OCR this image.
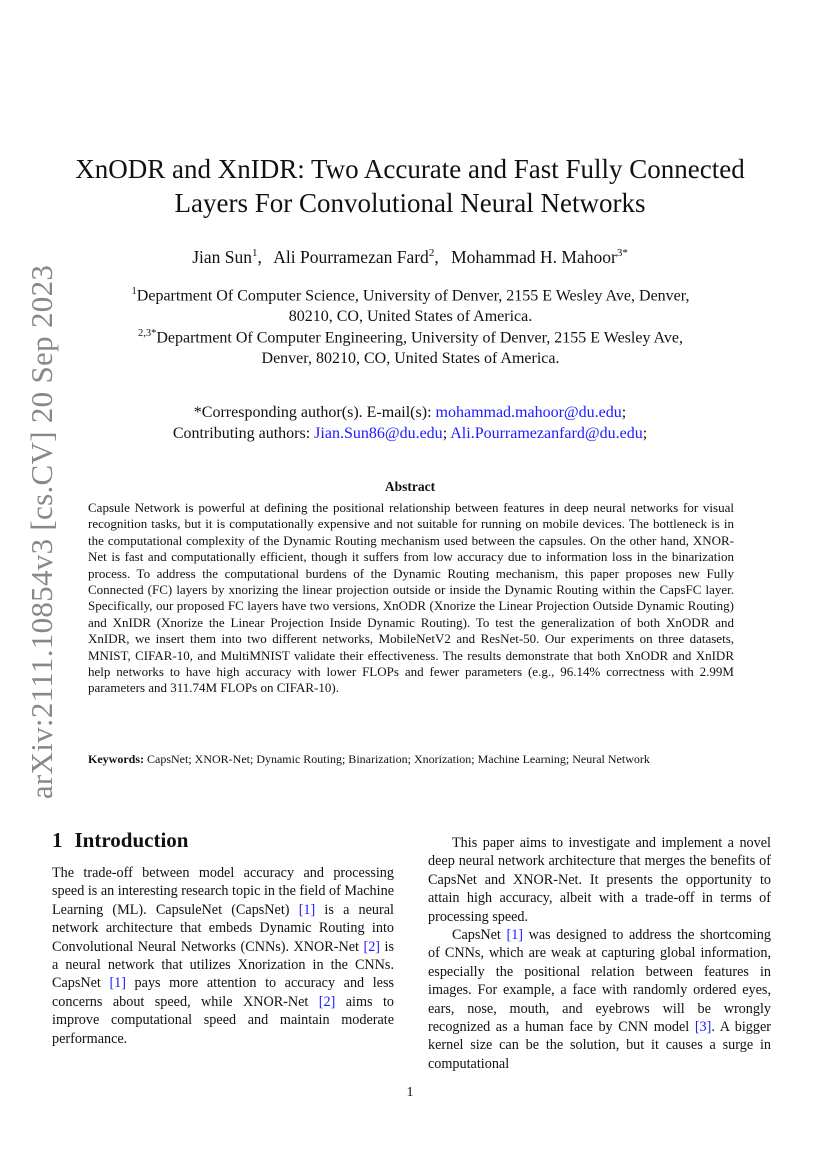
arXiv:2111.10854v3 [cs.CV] 20 Sep 2023
XnODR and XnIDR: Two Accurate and Fast Fully Connected
Layers For Convolutional Neural Networks
Jian Sun$^1$, Ali Pourramezan Fard$^2$, Mohammad H. Mahoor$^{3*}$
$^1$Department Of Computer Science, University of Denver, 2155 E Wesley Ave, Denver,
80210, CO, United States of America.
$^{2,3*}$Department Of Computer Engineering, University of Denver, 2155 E Wesley Ave,
Denver, 80210, CO, United States of America.
*Corresponding author(s). E-mail(s): mohammad.mahoor@du.edu;
Contributing authors: Jian.Sun86@du.edu; Ali.Pourramezanfard@du.edu;
Abstract
Capsule Network is powerful at defining the positional relationship between features in deep neural networks for visual recognition tasks, but it is computationally expensive and not suitable for running on mobile devices. The bottleneck is in the computational complexity of the Dynamic Routing mechanism used between the capsules. On the other hand, XNOR-Net is fast and computationally efficient, though it suffers from low accuracy due to information loss in the binarization process. To address the computational burdens of the Dynamic Routing mechanism, this paper proposes new Fully Connected (FC) layers by xnorizing the linear projection outside or inside the Dynamic Routing within the CapsFC layer. Specifically, our proposed FC layers have two versions, XnODR (Xnorize the Linear Projection Outside Dynamic Routing) and XnIDR (Xnorize the Linear Projection Inside Dynamic Routing). To test the generalization of both XnODR and XnIDR, we insert them into two different networks, MobileNetV2 and ResNet-50. Our experiments on three datasets, MNIST, CIFAR-10, and MultiMNIST validate their effectiveness. The results demonstrate that both XnODR and XnIDR help networks to have high accuracy with lower FLOPs and fewer parameters (e.g., 96.14% correctness with 2.99M parameters and 311.74M FLOPs on CIFAR-10).
Keywords: CapsNet; XNOR-Net; Dynamic Routing; Binarization; Xnorization; Machine Learning; Neural Network
1 Introduction

The trade-off between model accuracy and processing speed is an interesting research topic in the field of Machine Learning (ML). CapsuleNet (CapsNet) [1] is a neural network architecture that embeds Dynamic Routing into Convolutional Neural Networks (CNNs). XNOR-Net [2] is a neural network that utilizes Xnorization in the CNNs. CapsNet [1] pays more attention to accuracy and less concerns about speed, while XNOR-Net [2] aims to improve computational speed and maintain moderate performance.

This paper aims to investigate and implement a novel deep neural network architecture that merges the benefits of CapsNet and XNOR-Net. It presents the opportunity to attain high accuracy, albeit with a trade-off in terms of processing speed.

CapsNet [1] was designed to address the shortcoming of CNNs, which are weak at capturing global information, especially the positional relation between features in images. For example, a face with randomly ordered eyes, ears, nose, mouth, and eyebrows will be wrongly recognized as a human face by CNN model [3]. A bigger kernel size can be the solution, but it causes a surge in computational

1
